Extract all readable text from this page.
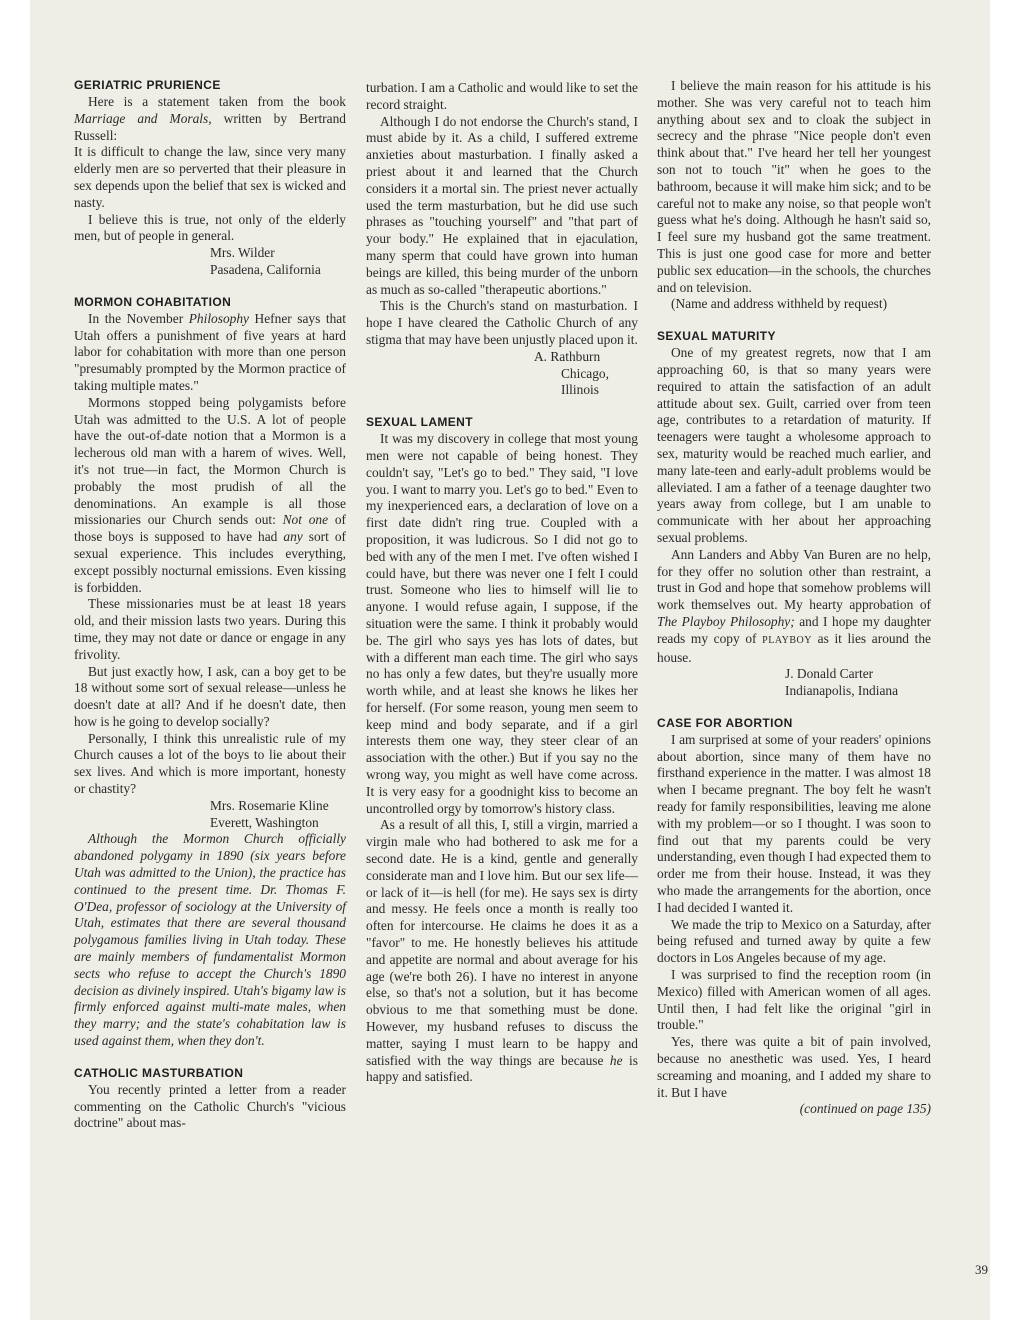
GERIATRIC PRURIENCE

Here is a statement taken from the book Marriage and Morals, written by Bertrand Russell:

It is difficult to change the law, since very many elderly men are so perverted that their pleasure in sex depends upon the belief that sex is wicked and nasty.

I believe this is true, not only of the elderly men, but of people in general.

Mrs. Wilder

Pasadena, California

MORMON COHABITATION

In the November Philosophy Hefner says that Utah offers a punishment of five years at hard labor for cohabitation with more than one person "presumably prompted by the Mormon practice of taking multiple mates."

Mormons stopped being polygamists before Utah was admitted to the U.S. A lot of people have the out-of-date notion that a Mormon is a lecherous old man with a harem of wives. Well, it's not true—in fact, the Mormon Church is probably the most prudish of all the denominations. An example is all those missionaries our Church sends out: Not one of those boys is supposed to have had any sort of sexual experience. This includes everything, except possibly nocturnal emissions. Even kissing is forbidden.

These missionaries must be at least 18 years old, and their mission lasts two years. During this time, they may not date or dance or engage in any frivolity.

But just exactly how, I ask, can a boy get to be 18 without some sort of sexual release—unless he doesn't date at all? And if he doesn't date, then how is he going to develop socially?

Personally, I think this unrealistic rule of my Church causes a lot of the boys to lie about their sex lives. And which is more important, honesty or chastity?

Mrs. Rosemarie Kline

Everett, Washington

Although the Mormon Church officially abandoned polygamy in 1890 (six years before Utah was admitted to the Union), the practice has continued to the present time. Dr. Thomas F. O'Dea, professor of sociology at the University of Utah, estimates that there are several thousand polygamous families living in Utah today. These are mainly members of fundamentalist Mormon sects who refuse to accept the Church's 1890 decision as divinely inspired. Utah's bigamy law is firmly enforced against multi-mate males, when they marry; and the state's cohabitation law is used against them, when they don't.

CATHOLIC MASTURBATION

You recently printed a letter from a reader commenting on the Catholic Church's "vicious doctrine" about mas-

turbation. I am a Catholic and would like to set the record straight.

Although I do not endorse the Church's stand, I must abide by it. As a child, I suffered extreme anxieties about masturbation. I finally asked a priest about it and learned that the Church considers it a mortal sin. The priest never actually used the term masturbation, but he did use such phrases as "touching yourself" and "that part of your body." He explained that in ejaculation, many sperm that could have grown into human beings are killed, this being murder of the unborn as much as so-called "therapeutic abortions."

This is the Church's stand on masturbation. I hope I have cleared the Catholic Church of any stigma that may have been unjustly placed upon it.

A. Rathburn

Chicago, Illinois

SEXUAL LAMENT

It was my discovery in college that most young men were not capable of being honest. They couldn't say, "Let's go to bed." They said, "I love you. I want to marry you. Let's go to bed." Even to my inexperienced ears, a declaration of love on a first date didn't ring true. Coupled with a proposition, it was ludicrous. So I did not go to bed with any of the men I met. I've often wished I could have, but there was never one I felt I could trust. Someone who lies to himself will lie to anyone. I would refuse again, I suppose, if the situation were the same. I think it probably would be. The girl who says yes has lots of dates, but with a different man each time. The girl who says no has only a few dates, but they're usually more worth while, and at least she knows he likes her for herself. (For some reason, young men seem to keep mind and body separate, and if a girl interests them one way, they steer clear of an association with the other.) But if you say no the wrong way, you might as well have come across. It is very easy for a goodnight kiss to become an uncontrolled orgy by tomorrow's history class.

As a result of all this, I, still a virgin, married a virgin male who had bothered to ask me for a second date. He is a kind, gentle and generally considerate man and I love him. But our sex life—or lack of it—is hell (for me). He says sex is dirty and messy. He feels once a month is really too often for intercourse. He claims he does it as a "favor" to me. He honestly believes his attitude and appetite are normal and about average for his age (we're both 26). I have no interest in anyone else, so that's not a solution, but it has become obvious to me that something must be done. However, my husband refuses to discuss the matter, saying I must learn to be happy and satisfied with the way things are because he is happy and satisfied.

I believe the main reason for his attitude is his mother. She was very careful not to teach him anything about sex and to cloak the subject in secrecy and the phrase "Nice people don't even think about that." I've heard her tell her youngest son not to touch "it" when he goes to the bathroom, because it will make him sick; and to be careful not to make any noise, so that people won't guess what he's doing. Although he hasn't said so, I feel sure my husband got the same treatment. This is just one good case for more and better public sex education—in the schools, the churches and on television.

(Name and address withheld by request)

SEXUAL MATURITY

One of my greatest regrets, now that I am approaching 60, is that so many years were required to attain the satisfaction of an adult attitude about sex. Guilt, carried over from teen age, contributes to a retardation of maturity. If teenagers were taught a wholesome approach to sex, maturity would be reached much earlier, and many late-teen and early-adult problems would be alleviated. I am a father of a teenage daughter two years away from college, but I am unable to communicate with her about her approaching sexual problems.

Ann Landers and Abby Van Buren are no help, for they offer no solution other than restraint, a trust in God and hope that somehow problems will work themselves out. My hearty approbation of The Playboy Philosophy; and I hope my daughter reads my copy of PLAYBOY as it lies around the house.

J. Donald Carter

Indianapolis, Indiana

CASE FOR ABORTION

I am surprised at some of your readers' opinions about abortion, since many of them have no firsthand experience in the matter. I was almost 18 when I became pregnant. The boy felt he wasn't ready for family responsibilities, leaving me alone with my problem—or so I thought. I was soon to find out that my parents could be very understanding, even though I had expected them to order me from their house. Instead, it was they who made the arrangements for the abortion, once I had decided I wanted it.

We made the trip to Mexico on a Saturday, after being refused and turned away by quite a few doctors in Los Angeles because of my age.

I was surprised to find the reception room (in Mexico) filled with American women of all ages. Until then, I had felt like the original "girl in trouble."

Yes, there was quite a bit of pain involved, because no anesthetic was used. Yes, I heard screaming and moaning, and I added my share to it. But I have

(continued on page 135)

39
